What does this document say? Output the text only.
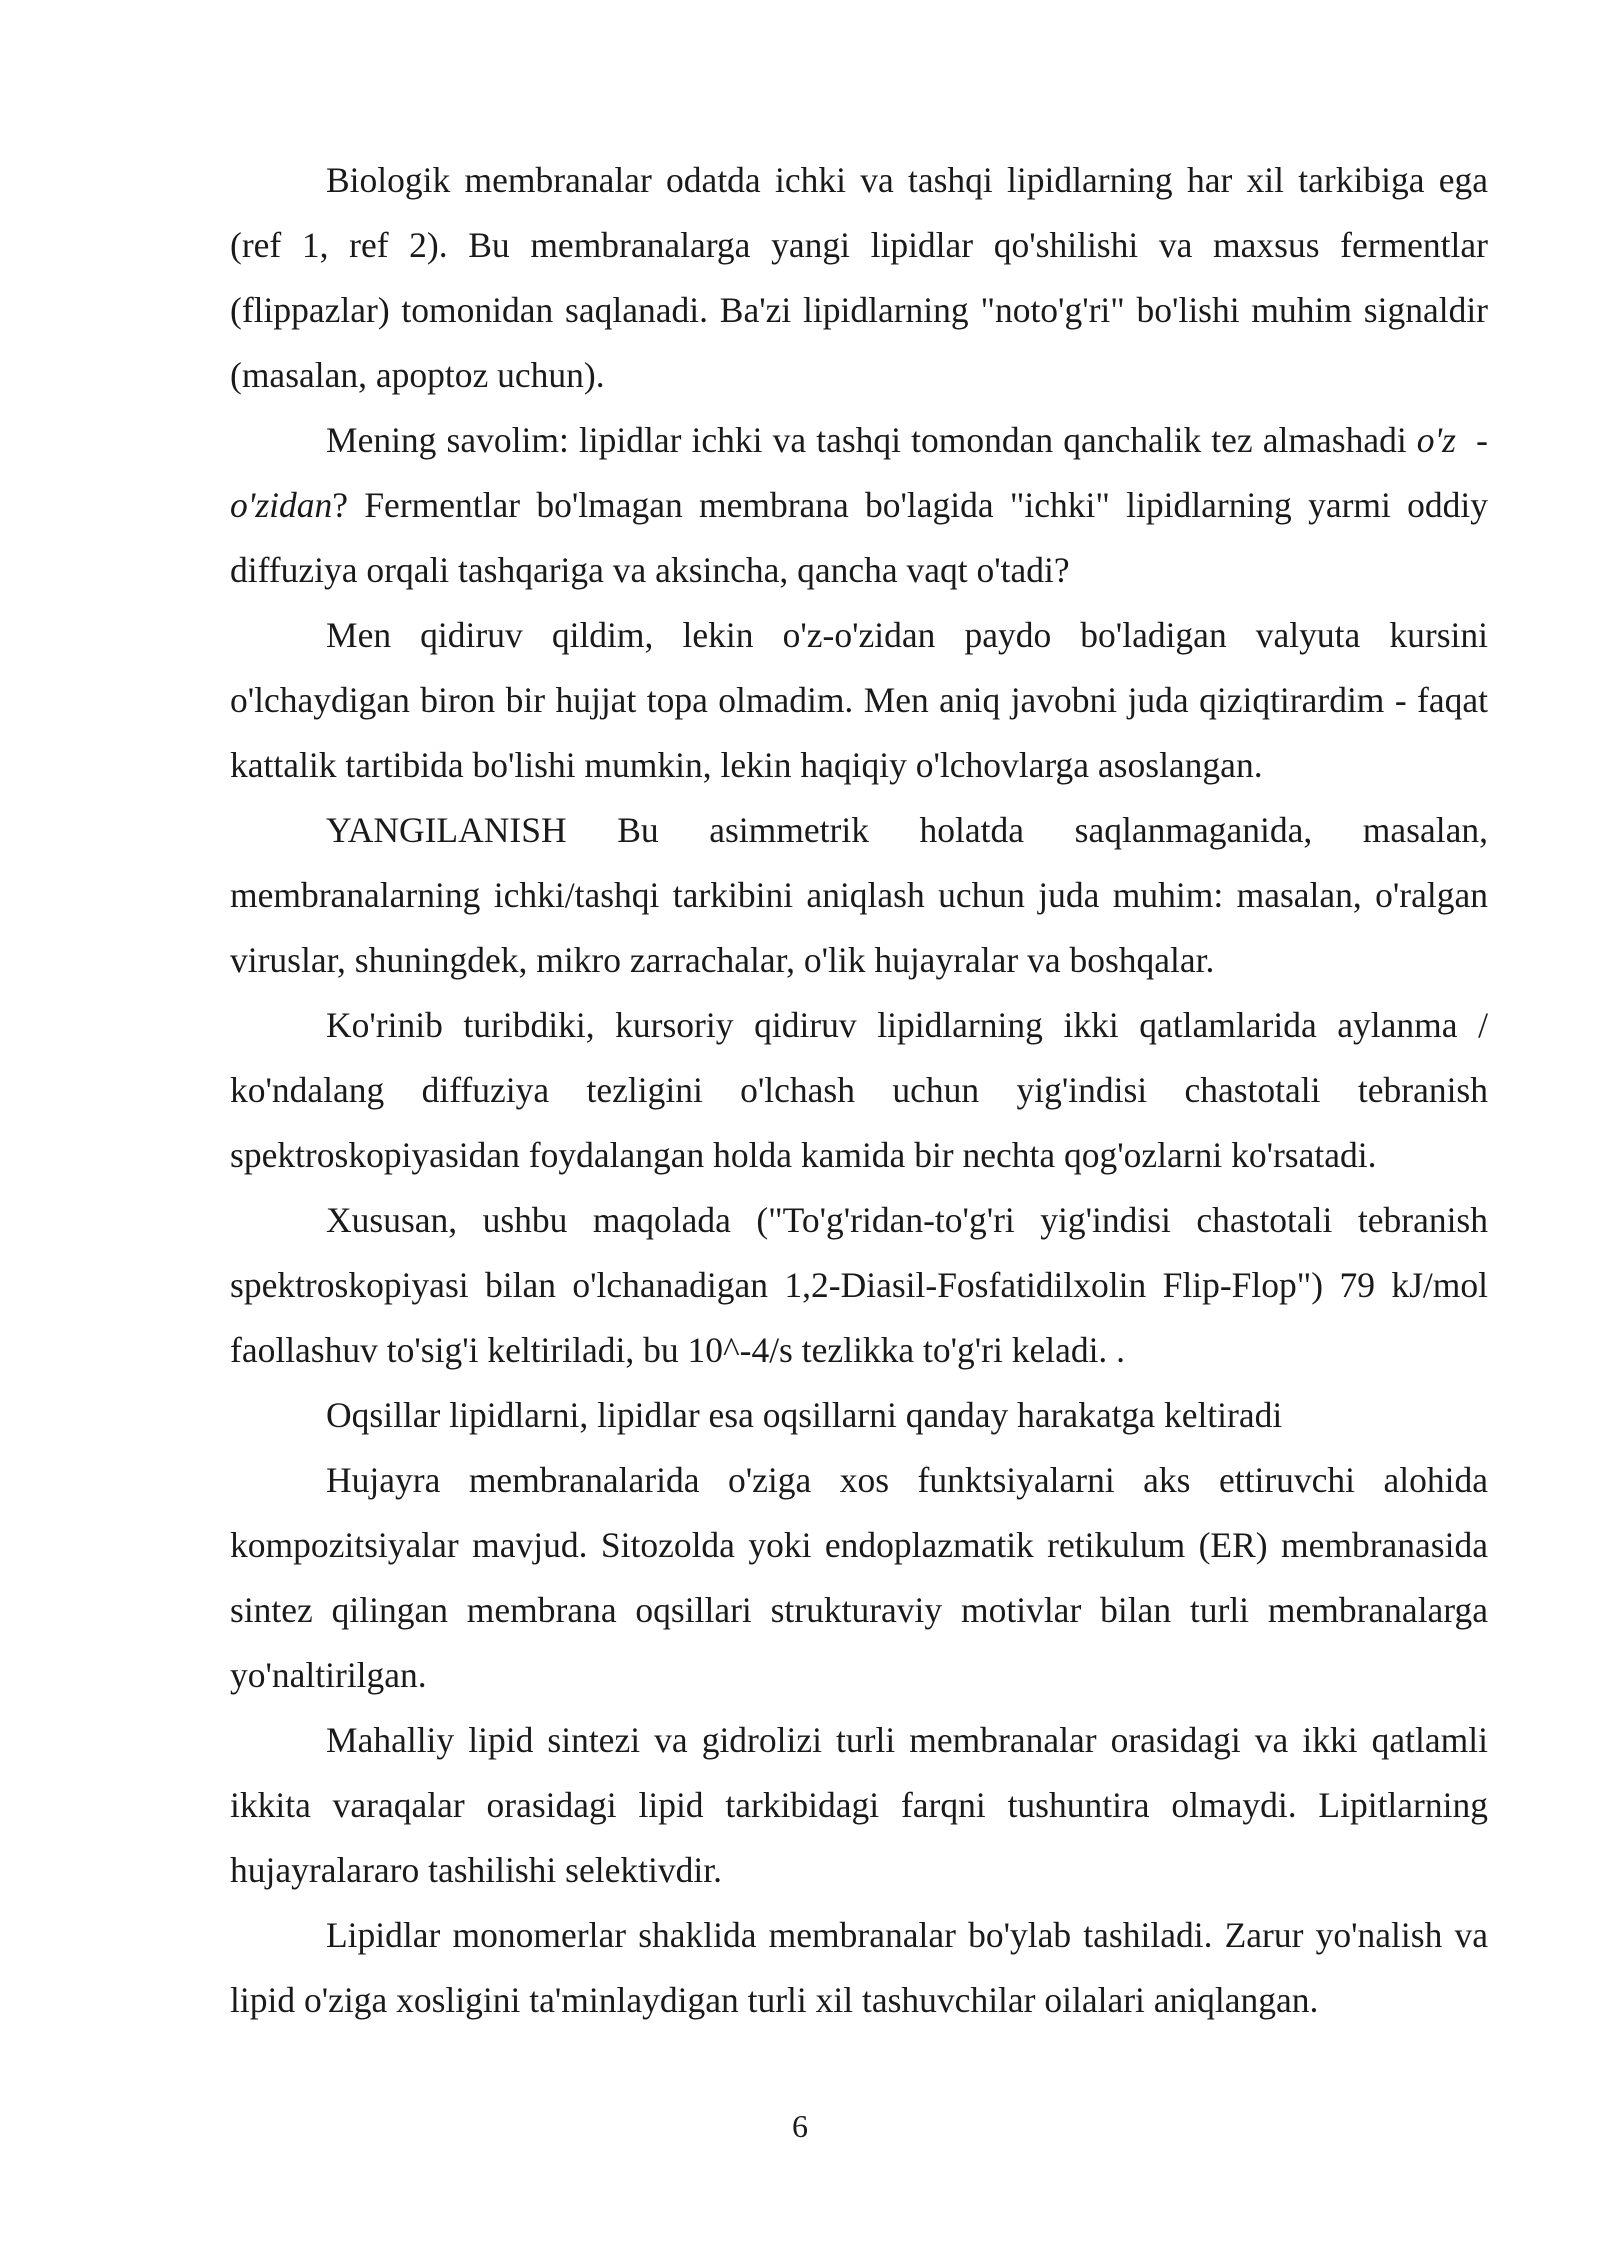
Biologik membranalar odatda ichki va tashqi lipidlarning har xil tarkibiga ega (ref 1, ref 2). Bu membranalarga yangi lipidlar qo'shilishi va maxsus fermentlar (flippazlar) tomonidan saqlanadi. Ba'zi lipidlarning "noto'g'ri" bo'lishi muhim signaldir (masalan, apoptoz uchun).

Mening savolim: lipidlar ichki va tashqi tomondan qanchalik tez almashadi o'z -o'zidan? Fermentlar bo'lmagan membrana bo'lagida "ichki" lipidlarning yarmi oddiy diffuziya orqali tashqariga va aksincha, qancha vaqt o'tadi?

Men qidiruv qildim, lekin o'z-o'zidan paydo bo'ladigan valyuta kursini o'lchaydigan biron bir hujjat topa olmadim. Men aniq javobni juda qiziqtirardim - faqat kattalik tartibida bo'lishi mumkin, lekin haqiqiy o'lchovlarga asoslangan.

YANGILANISH Bu asimmetrik holatda saqlanmaganida, masalan, membranalarning ichki/tashqi tarkibini aniqlash uchun juda muhim: masalan, o'ralgan viruslar, shuningdek, mikro zarrachalar, o'lik hujayralar va boshqalar.

Ko'rinib turibdiki, kursoriy qidiruv lipidlarning ikki qatlamlarida aylanma / ko'ndalang diffuziya tezligini o'lchash uchun yig'indisi chastotali tebranish spektroskopiyasidan foydalangan holda kamida bir nechta qog'ozlarni ko'rsatadi.

Xususan, ushbu maqolada ("To'g'ridan-to'g'ri yig'indisi chastotali tebranish spektroskopiyasi bilan o'lchanadigan 1,2-Diasil-Fosfatidilxolin Flip-Flop") 79 kJ/mol faollashuv to'sig'i keltiriladi, bu 10^-4/s tezlikka to'g'ri keladi. .

Oqsillar lipidlarni, lipidlar esa oqsillarni qanday harakatga keltiradi

Hujayra membranalarida o'ziga xos funktsiyalarni aks ettiruvchi alohida kompozitsiyalar mavjud. Sitozolda yoki endoplazmatik retikulum (ER) membranasida sintez qilingan membrana oqsillari strukturaviy motivlar bilan turli membranalarga yo'naltirilgan.

Mahalliy lipid sintezi va gidrolizi turli membranalar orasidagi va ikki qatlamli ikkita varaqalar orasidagi lipid tarkibidagi farqni tushuntira olmaydi. Lipitlarning hujayralararo tashilishi selektivdir.

Lipidlar monomerlar shaklida membranalar bo'ylab tashiladi. Zarur yo'nalish va lipid o'ziga xosligini ta'minlaydigan turli xil tashuvchilar oilalari aniqlangan.

6
